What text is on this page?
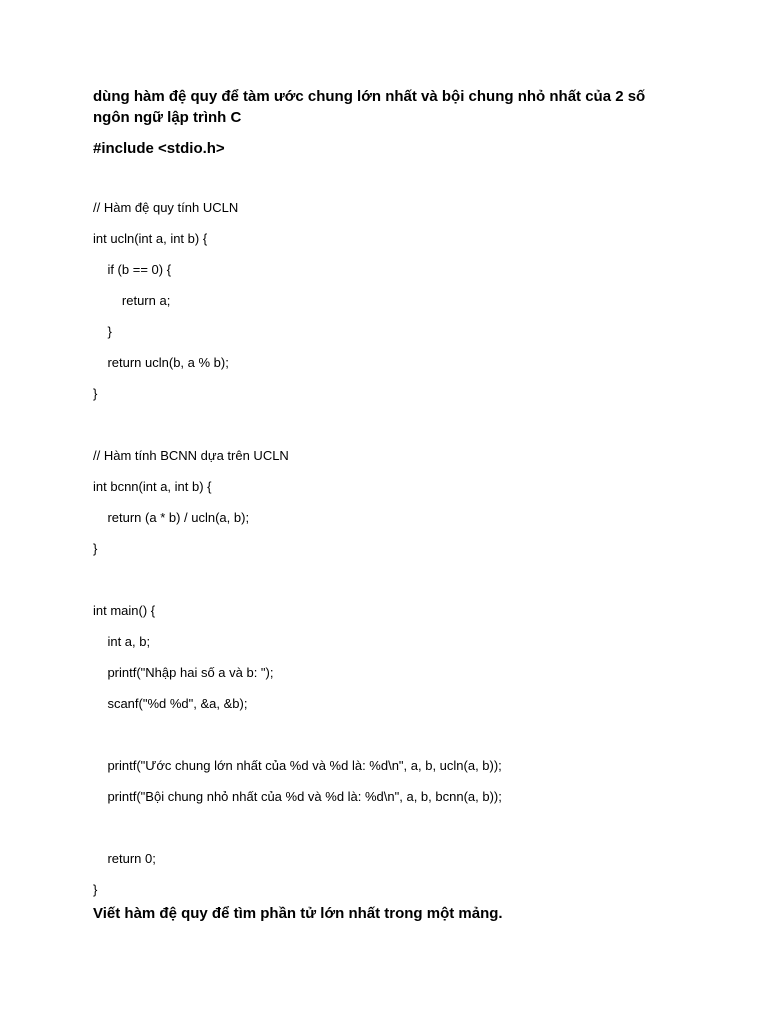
dùng hàm đệ quy để tàm ước chung lớn nhất và bội chung nhỏ nhất của 2 số ngôn ngữ lập trình C

#include <stdio.h>

// Hàm đệ quy tính UCLN
int ucln(int a, int b) {
if (b == 0) {
return a;
}
return ucln(b, a % b);
}
// Hàm tính BCNN dựa trên UCLN
int bcnn(int a, int b) {
return (a * b) / ucln(a, b);
}
int main() {
int a, b;
printf("Nhập hai số a và b: ");
scanf("%d %d", &a, &b);
printf("Ước chung lớn nhất của %d và %d là: %d\n", a, b, ucln(a, b));
printf("Bội chung nhỏ nhất của %d và %d là: %d\n", a, b, bcnn(a, b));
return 0;
}

Viết hàm đệ quy để tìm phần tử lớn nhất trong một mảng.
